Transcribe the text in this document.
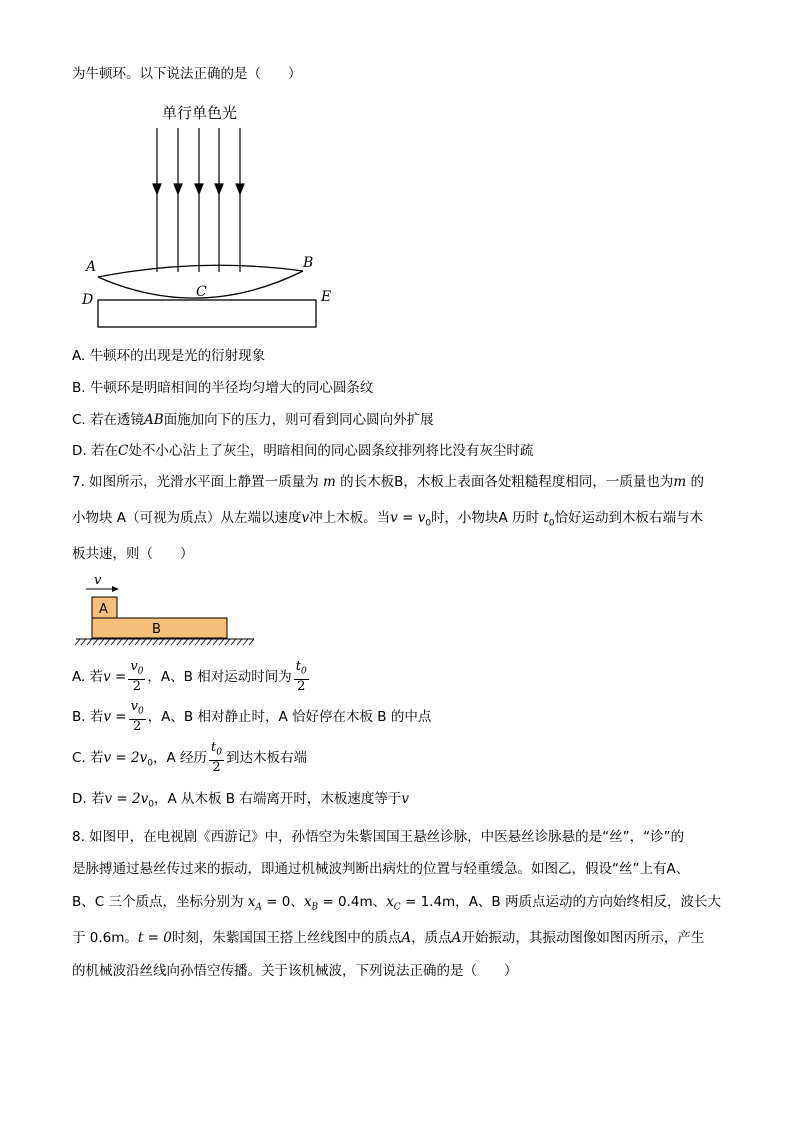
为牛顿环。以下说法正确的是（　　）
单行单色光
A	B
C
D	E
A. 牛顿环的出现是光的衍射现象
B. 牛顿环是明暗相间的半径均匀增大的同心圆条纹
C. 若在透镜AB面施加向下的压力，则可看到同心圆向外扩展
D. 若在C处不小心沾上了灰尘，明暗相间的同心圆条纹排列将比没有灰尘时疏
7. 如图所示，光滑水平面上静置一质量为 m 的长木板B，木板上表面各处粗糙程度相同，一质量也为m 的
小物块 A（可视为质点）从左端以速度v冲上木板。当$v = v_0$时，小物块A 历时 $t_0$恰好运动到木板右端与木
板共速，则（　　）
v
A
B
A. 若$v = \frac{v_0}{2}$ ，A、B 相对运动时间为 $\frac{t_0}{2}$
B. 若$v = \frac{v_0}{2}$ ，A、B 相对静止时，A 恰好停在木板 B 的中点
C. 若$v = 2v_0$，A 经历 $\frac{t_0}{2}$ 到达木板右端
D. 若$v = 2v_0$，A 从木板 B 右端离开时，木板速度等于v
8. 如图甲，在电视剧《西游记》中，孙悟空为朱紫国国王悬丝诊脉，中医悬丝诊脉悬的是“丝”，“诊”的
是脉搏通过悬丝传过来的振动，即通过机械波判断出病灶的位置与轻重缓急。如图乙，假设“丝”上有A、
B、C 三个质点，坐标分别为 $x_A = 0$、$x_B = 0.4m$、$x_C = 1.4m$，A、B 两质点运动的方向始终相反，波长大
于 0.6m。t = 0时刻，朱紫国国王搭上丝线图中的质点A，质点A开始振动，其振动图像如图丙所示，产生
的机械波沿丝线向孙悟空传播。关于该机械波，下列说法正确的是（　　）
